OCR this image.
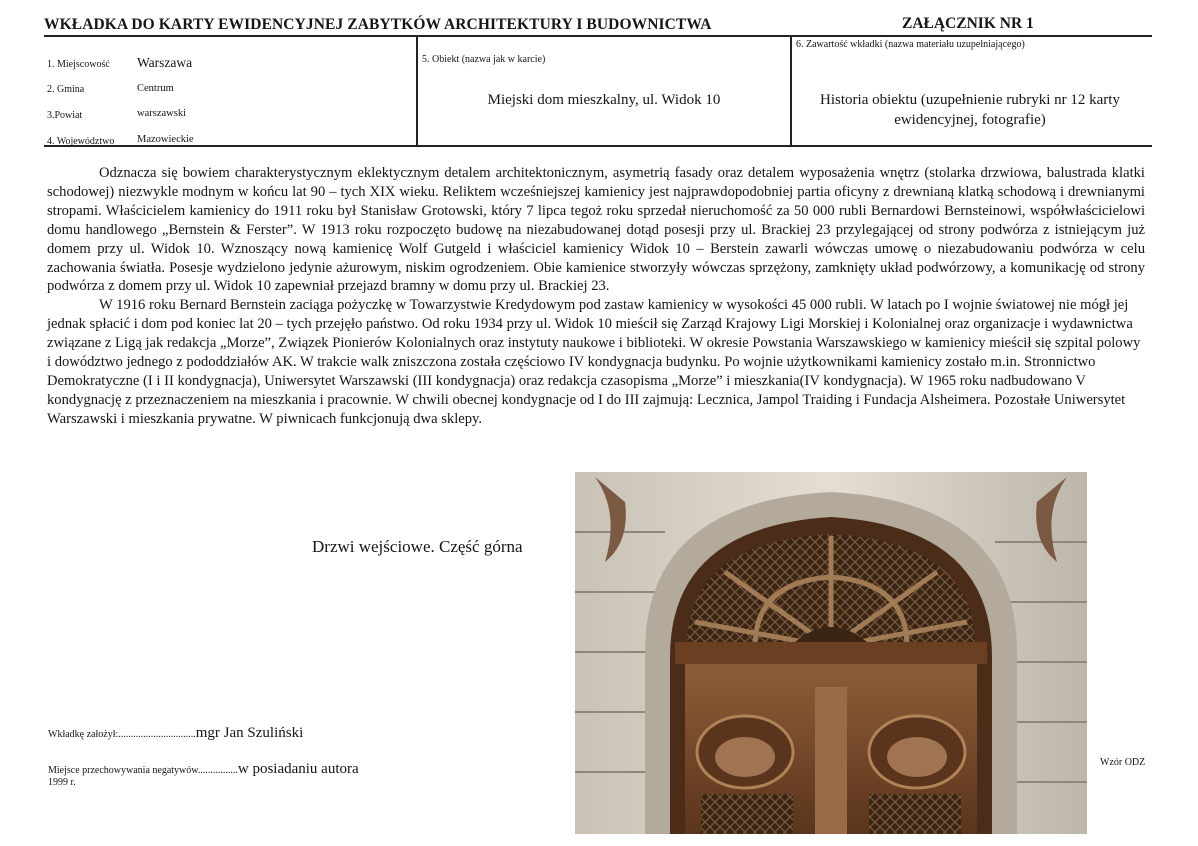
WKŁADKA DO KARTY EWIDENCYJNEJ ZABYTKÓW ARCHITEKTURY I BUDOWNICTWA	ZAŁĄCZNIK NR 1
1. Miejscowość Warszawa
2. Gmina	Centrum
3.Powiat	warszawski
4. Województwo Mazowieckie
5. Obiekt (nazwa jak w karcie)
Miejski dom mieszkalny, ul. Widok 10
6. Zawartość wkładki (nazwa materiału uzupełniającego)
Historia obiektu (uzupełnienie rubryki nr 12 karty ewidencyjnej, fotografie)

Odznacza się bowiem charakterystycznym eklektycznym detalem architektonicznym, asymetrią fasady oraz detalem wyposażenia wnętrz (stolarka drzwiowa, balustrada klatki schodowej) niezwykle modnym w końcu lat 90 – tych XIX wieku. Reliktem wcześniejszej kamienicy jest najprawdopodobniej partia oficyny z drewnianą klatką schodową i drewnianymi stropami. Właścicielem kamienicy do 1911 roku był Stanisław Grotowski, który 7 lipca tegoż roku sprzedał nieruchomość za 50 000 rubli Bernardowi Bernsteinowi, współwłaścicielowi domu handlowego „Bernstein & Ferster”. W 1913 roku rozpoczęto budowę na niezabudowanej dotąd posesji przy ul. Brackiej 23 przylegającej od strony podwórza z istniejącym już domem przy ul. Widok 10. Wznoszący nową kamienicę Wolf Gutgeld i właściciel kamienicy Widok 10 – Berstein zawarli wówczas umowę o niezabudowaniu podwórza w celu zachowania światła. Posesje wydzielono jedynie ażurowym, niskim ogrodzeniem. Obie kamienice stworzyły wówczas sprzężony, zamknięty układ podwórzowy, a komunikację od strony podwórza z domem przy ul. Widok 10 zapewniał przejazd bramny w domu przy ul. Brackiej 23.

W 1916 roku Bernard Bernstein zaciąga pożyczkę w Towarzystwie Kredydowym pod zastaw kamienicy w wysokości 45 000 rubli. W latach po I wojnie światowej nie mógł jej jednak spłacić i dom pod koniec lat 20 – tych przejęło państwo. Od roku 1934 przy ul. Widok 10 mieścił się Zarząd Krajowy Ligi Morskiej i Kolonialnej oraz organizacje i wydawnictwa związane z Ligą jak redakcja „Morze”, Związek Pionierów Kolonialnych oraz instytuty naukowe i biblioteki. W okresie Powstania Warszawskiego w kamienicy mieścił się szpital polowy i dowództwo jednego z pododdziałów AK. W trakcie walk zniszczona została częściowo IV kondygnacja budynku. Po wojnie użytkownikami kamienicy zostało m.in. Stronnictwo Demokratyczne (I i II kondygnacja), Uniwersytet Warszawski (III kondygnacja) oraz redakcja czasopisma „Morze” i mieszkania(IV kondygnacja). W 1965 roku nadbudowano V kondygnację z przeznaczeniem na mieszkania i pracownie. W chwili obecnej kondygnacje od I do III zajmują: Lecznica, Jampol Traiding i Fundacja Alsheimera. Pozostałe Uniwersytet Warszawski i mieszkania prywatne. W piwnicach funkcjonują dwa sklepy.

Drzwi wejściowe. Część górna
Wkładkę założył:...............................mgr Jan Szuliński
Miejsce przechowywania negatywów................w posiadaniu autora
1999 r.
Wzór ODZ
